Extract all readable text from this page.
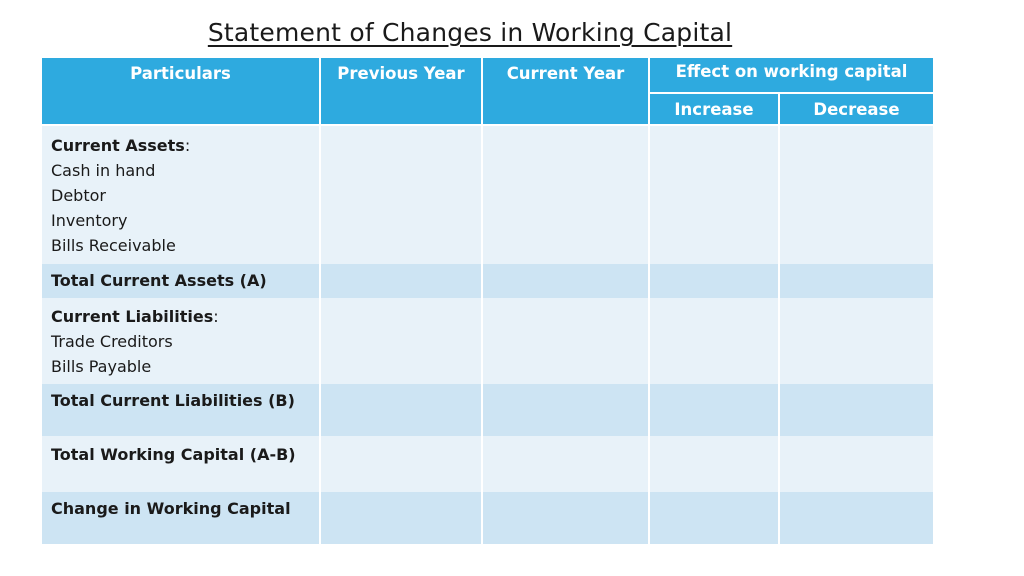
Statement of Changes in Working Capital
Particulars	Previous Year	Current Year	Effect on working capital	
			Increase	Decrease

Current Assets:
Cash in hand
Debtor
Inventory
Bills Receivable				

Total Current Assets (A)				

Current Liabilities:
Trade Creditors
Bills Payable				

Total Current Liabilities (B)				

Total Working Capital (A-B)				

Change in Working Capital				
